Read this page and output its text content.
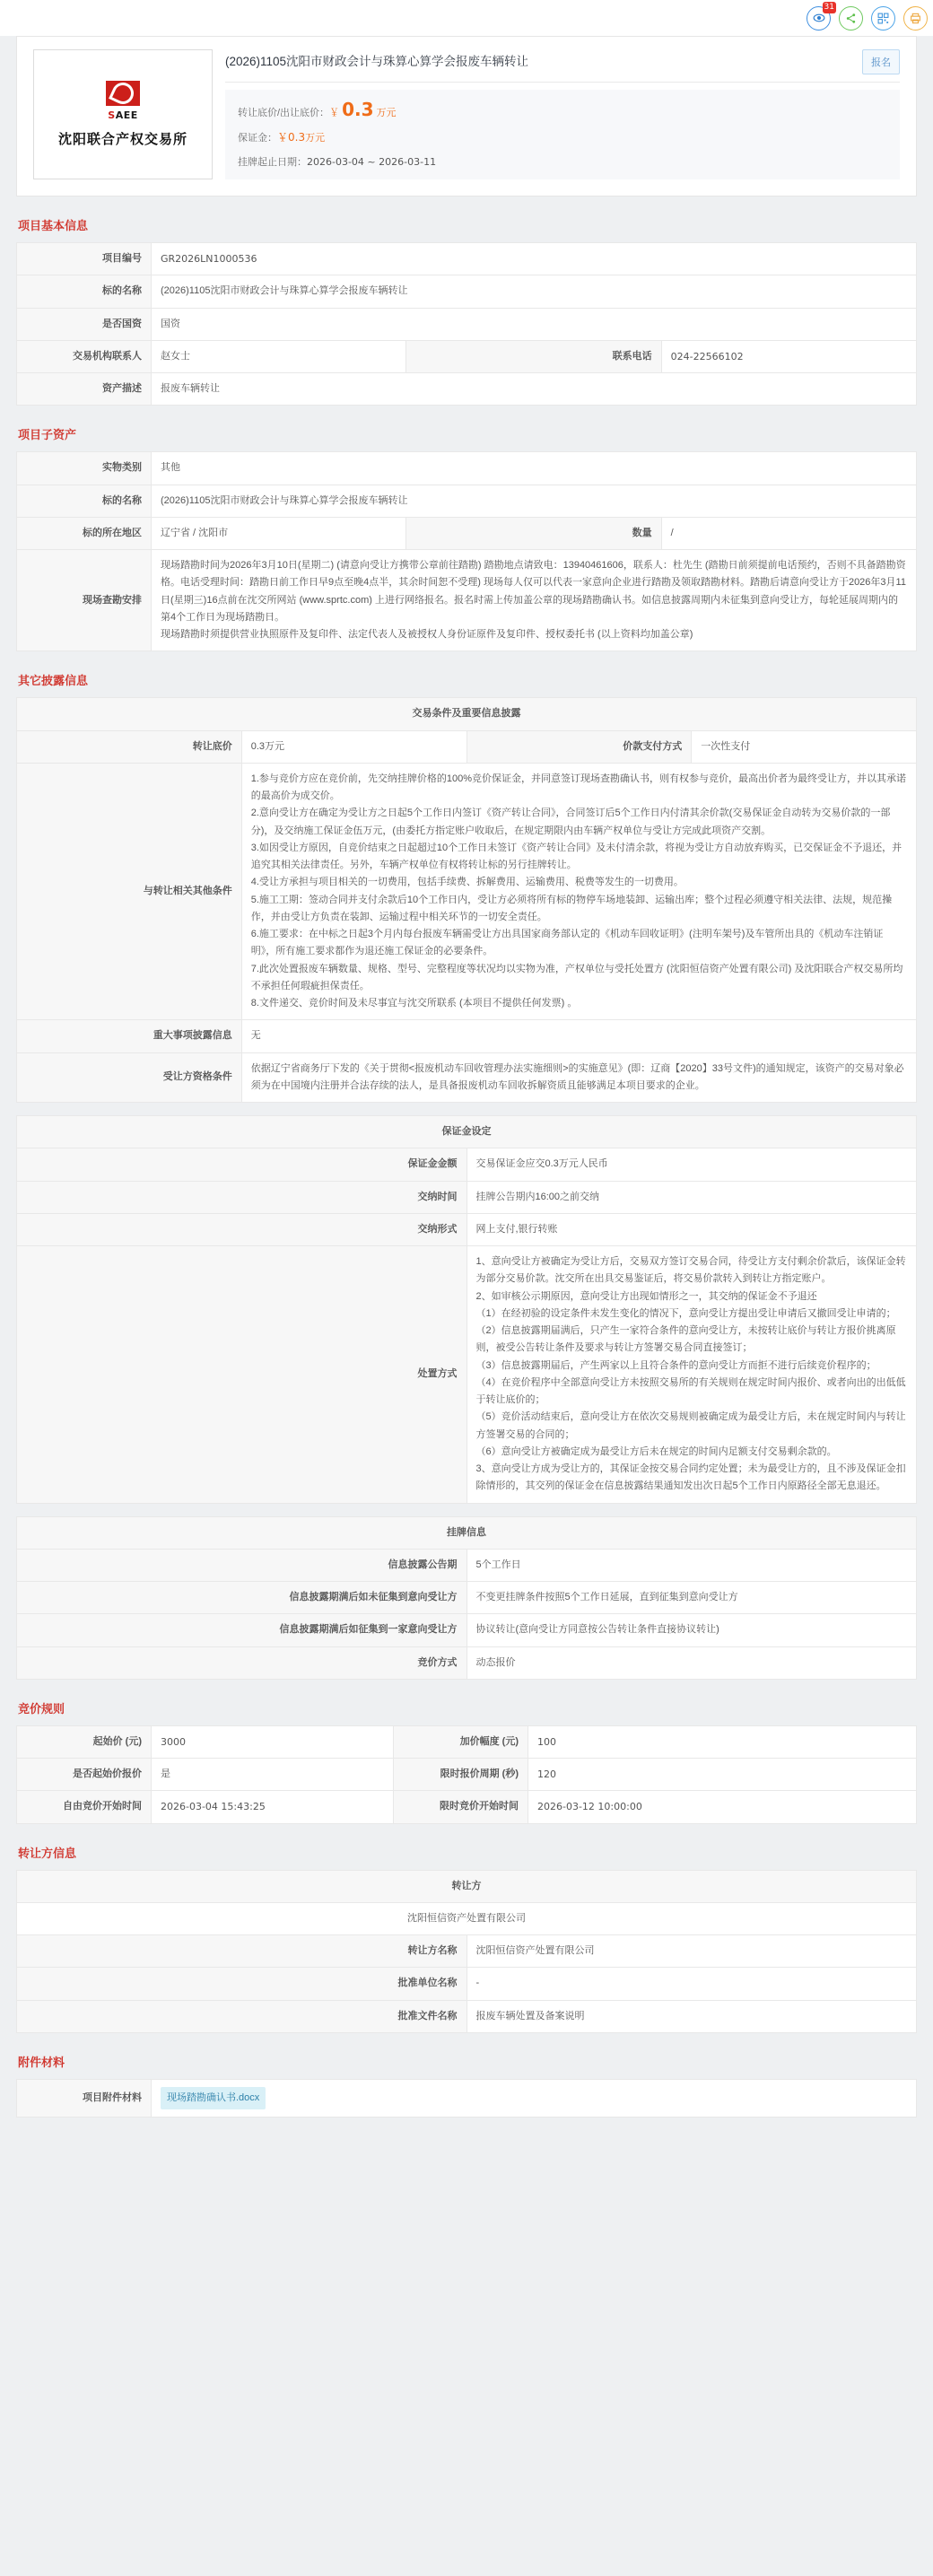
31
SAEE
沈阳联合产权交易所
(2026)1105沈阳市财政会计与珠算心算学会报废车辆转让	报名
转让底价/出让底价： ￥ 0.3 万元
保证金： ￥0.3 万元
挂牌起止日期： 2026-03-04 ~ 2026-03-11
项目基本信息
项目编号	GR2026LN1000536		
标的名称	(2026)1105沈阳市财政会计与珠算心算学会报废车辆转让		
是否国资	国资		
交易机构联系人	赵女士	联系电话	024-22566102
资产描述	报废车辆转让		
项目子资产
实物类别	其他		
标的名称	(2026)1105沈阳市财政会计与珠算心算学会报废车辆转让		
标的所在地区	辽宁省 / 沈阳市	数量	/
现场查勘安排	现场踏勘时间为2026年3月10日(星期二) (请意向受让方携带公章前往踏勘) 踏勘地点请致电：13940461606，联系人：杜先生 (踏勘日前须提前电话预约，否则不具备踏勘资格。电话受理时间：踏勘日前工作日早9点至晚4点半，其余时间恕不受理) 现场每人仅可以代表一家意向企业进行踏勘及领取踏勘材料。踏勘后请意向受让方于2026年3月11日(星期三)16点前在沈交所网站 (www.sprtc.com) 上进行网络报名。报名时需上传加盖公章的现场踏勘确认书。如信息披露周期内未征集到意向受让方，每轮延展周期内的第4个工作日为现场踏勘日。

现场踏勘时须提供营业执照原件及复印件、法定代表人及被授权人身份证原件及复印件、授权委托书 (以上资料均加盖公章)		

其它披露信息
交易条件及重要信息披露			
转让底价	0.3万元	价款支付方式	一次性支付
与转让相关其他条件	

1.参与竞价方应在竞价前，先交纳挂牌价格的100%竞价保证金，并同意签订现场查勘确认书，则有权参与竞价，最高出价者为最终受让方，并以其承诺的最高价为成交价。

2.意向受让方在确定为受让方之日起5个工作日内签订《资产转让合同》，合同签订后5个工作日内付清其余价款(交易保证金自动转为交易价款的一部分)，及交纳施工保证金伍万元，(由委托方指定账户收取后，在规定期限内由车辆产权单位与受让方完成此项资产交割。

3.如因受让方原因，自竞价结束之日起超过10个工作日未签订《资产转让合同》及未付清余款，将视为受让方自动放弃购买，已交保证金不予退还，并追究其相关法律责任。另外，车辆产权单位有权将转让标的另行挂牌转让。

4.受让方承担与项目相关的一切费用，包括手续费、拆解费用、运输费用、税费等发生的一切费用。

5.施工工期：签动合同并支付余款后10个工作日内，受让方必须将所有标的物停车场地装卸、运输出库；整个过程必须遵守相关法律、法规，规范操作，并由受让方负责在装卸、运输过程中相关环节的一切安全责任。

6.施工要求：在中标之日起3个月内每台报废车辆需受让方出具国家商务部认定的《机动车回收证明》(注明车架号)及车管所出具的《机动车注销证明》，所有施工要求都作为退还施工保证金的必要条件。

7.此次处置报废车辆数量、规格、型号、完整程度等状况均以实物为准，产权单位与受托处置方 (沈阳恒信资产处置有限公司) 及沈阳联合产权交易所均不承担任何瑕疵担保责任。

8.文件递交、竞价时间及未尽事宜与沈交所联系 (本项目不提供任何发票) 。

重大事项披露信息	无		
受让方资格条件	依据辽宁省商务厅下发的《关于贯彻<报废机动车回收管理办法实施细则>的实施意见》(即：辽商【2020】33号文件)的通知规定，该资产的交易对象必须为在中国境内注册并合法存续的法人，是具备报废机动车回收拆解资质且能够满足本项目要求的企业。		
保证金设定	
保证金金额	交易保证金应交0.3万元人民币
交纳时间	挂牌公告期内16:00之前交纳
交纳形式	网上支付,银行转账
处置方式	

1、意向受让方被确定为受让方后，交易双方签订交易合同，待受让方支付剩余价款后，该保证金转为部分交易价款。沈交所在出具交易鉴证后，将交易价款转入到转让方指定账户。

2、如审核公示期原因，意向受让方出现如情形之一，其交纳的保证金不予退还

（1）在经初验的设定条件未发生变化的情况下，意向受让方提出受让申请后又撤回受让申请的；

（2）信息披露期届满后，只产生一家符合条件的意向受让方，未按转让底价与转让方报价挑离原则，被受公告转让条件及要求与转让方签署交易合同直接签订；

（3）信息披露期届后，产生两家以上且符合条件的意向受让方而拒不进行后续竞价程序的；

（4）在竞价程序中全部意向受让方未按照交易所的有关规则在规定时间内报价、或者向出的出低低于转让底价的；

（5）竞价活动结束后，意向受让方在依次交易规则被确定成为最受让方后，未在规定时间内与转让方签署交易的合同的；

（6）意向受让方被确定成为最受让方后未在规定的时间内足额支付交易剩余款的。

3、意向受让方成为受让方的，其保证金按交易合同约定处置；未为最受让方的，且不涉及保证金扣除情形的，其交列的保证金在信息披露结果通知发出次日起5个工作日内原路径全部无息退还。

挂牌信息	
信息披露公告期	5个工作日
信息披露期满后如未征集到意向受让方	不变更挂牌条件按照5个工作日延展，直到征集到意向受让方
信息披露期满后如征集到一家意向受让方	协议转让(意向受让方同意按公告转让条件直接协议转让)
竞价方式	动态报价
竞价规则
起始价 (元)	3000	加价幅度 (元)	100
是否起始价报价	是	限时报价周期 (秒)	120
自由竞价开始时间	2026-03-04 15:43:25	限时竞价开始时间	2026-03-12 10:00:00
转让方信息
转让方	
沈阳恒信资产处置有限公司	
转让方名称	沈阳恒信资产处置有限公司
批准单位名称	-
批准文件名称	报废车辆处置及备案说明
附件材料
项目附件材料	现场踏勘确认书.docx
